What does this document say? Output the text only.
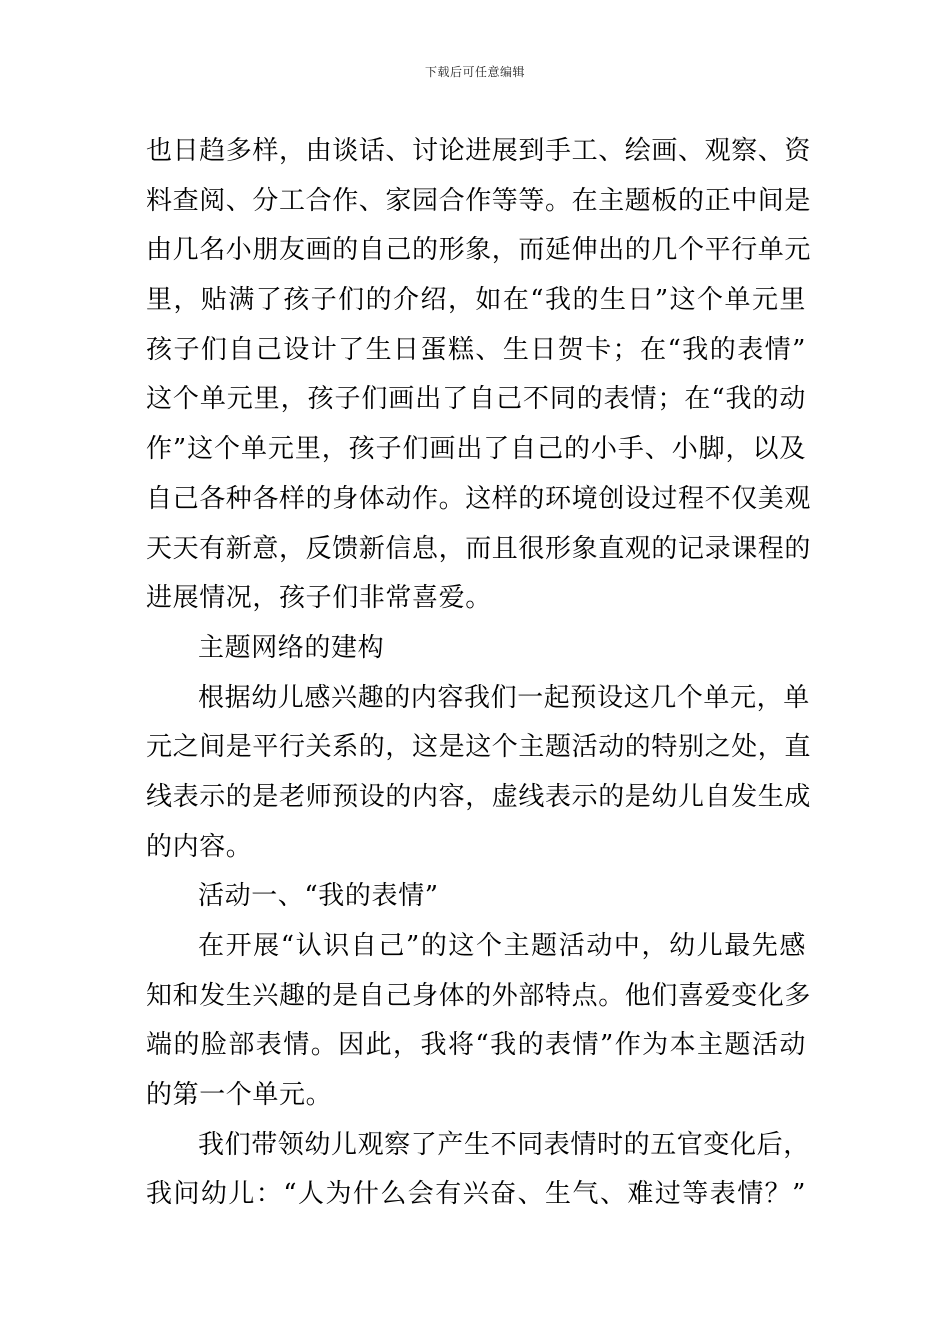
下载后可任意编辑
也日趋多样，由谈话、讨论进展到手工、绘画、观察、资
料查阅、分工合作、家园合作等等。在主题板的正中间是
由几名小朋友画的自己的形象，而延伸出的几个平行单元
里，贴满了孩子们的介绍，如在“我的生日”这个单元里
孩子们自己设计了生日蛋糕、生日贺卡；在“我的表情”
这个单元里，孩子们画出了自己不同的表情；在“我的动
作”这个单元里，孩子们画出了自己的小手、小脚，以及
自己各种各样的身体动作。这样的环境创设过程不仅美观
天天有新意，反馈新信息，而且很形象直观的记录课程的
进展情况，孩子们非常喜爱。
主题网络的建构
根据幼儿感兴趣的内容我们一起预设这几个单元，单
元之间是平行关系的，这是这个主题活动的特别之处，直
线表示的是老师预设的内容，虚线表示的是幼儿自发生成
的内容。
活动一、“我的表情”
在开展“认识自己”的这个主题活动中，幼儿最先感
知和发生兴趣的是自己身体的外部特点。他们喜爱变化多
端的脸部表情。因此，我将“我的表情”作为本主题活动
的第一个单元。
我们带领幼儿观察了产生不同表情时的五官变化后，
我问幼儿：“人为什么会有兴奋、生气、难过等表情？”
